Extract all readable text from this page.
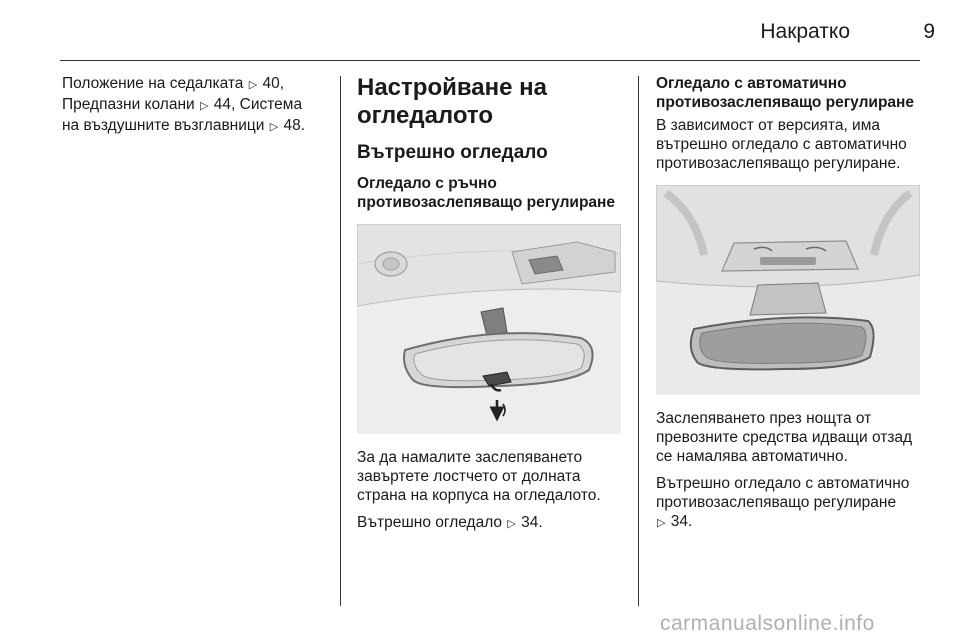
Накратко	9
Положение на седалката ▷ 40,
Предпазни колани ▷ 44, Система
на въздушните възглавници ▷ 48.
Настройване на
огледалото
Вътрешно огледало
Огледало с ръчно
противозаслепяващо регулиране
За да намалите заслепяването
завъртете лостчето от долната
страна на корпуса на огледалото.
Вътрешно огледало ▷ 34.
Огледало с автоматично
противозаслепяващо регулиране
В зависимост от версията, има
вътрешно огледало с автоматично
противозаслепяващо регулиране.
Заслепяването през нощта от
превозните средства идващи отзад
се намалява автоматично.
Вътрешно огледало с автоматично
противозаслепяващо регулиране
▷ 34.
carmanualsonline.info
